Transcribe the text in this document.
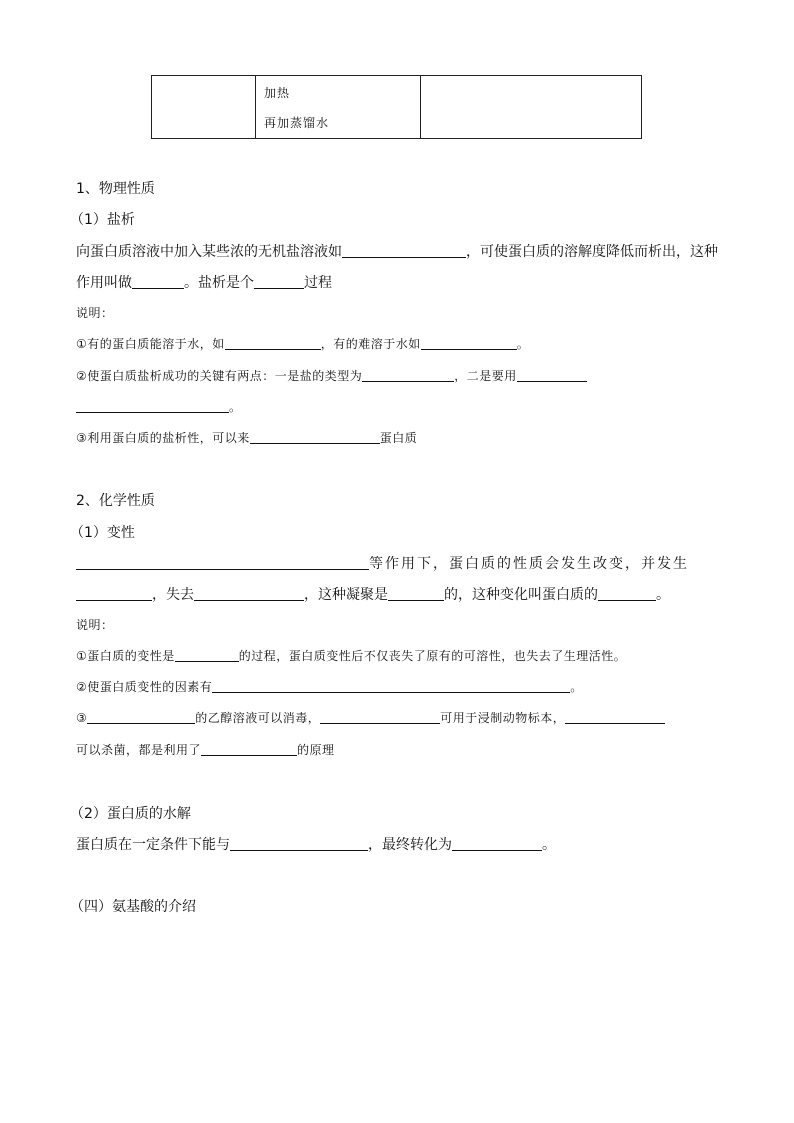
加热
再加蒸馏水
1、物理性质
（1）盐析
向蛋白质溶液中加入某些浓的无机盐溶液如	，可使蛋白质的溶解度降低而析出，这种
作用叫做	。盐析是个	过程
说明：
①有的蛋白质能溶于水，如	，有的难溶于水如	。
②使蛋白质盐析成功的关键有两点：一是盐的类型为	，二是要用
。
③利用蛋白质的盐析性，可以来	蛋白质
2、化学性质
（1）变性
等作用下，蛋白质的性质会发生改变，并发生
，失去	，这种凝聚是	的，这种变化叫蛋白质的	。
说明：
①蛋白质的变性是	的过程，蛋白质变性后不仅丧失了原有的可溶性，也失去了生理活性。
②使蛋白质变性的因素有	。
③	的乙醇溶液可以消毒，	可用于浸制动物标本，
可以杀菌，都是利用了	的原理
（2）蛋白质的水解
蛋白质在一定条件下能与	，最终转化为	。
（四）氨基酸的介绍
